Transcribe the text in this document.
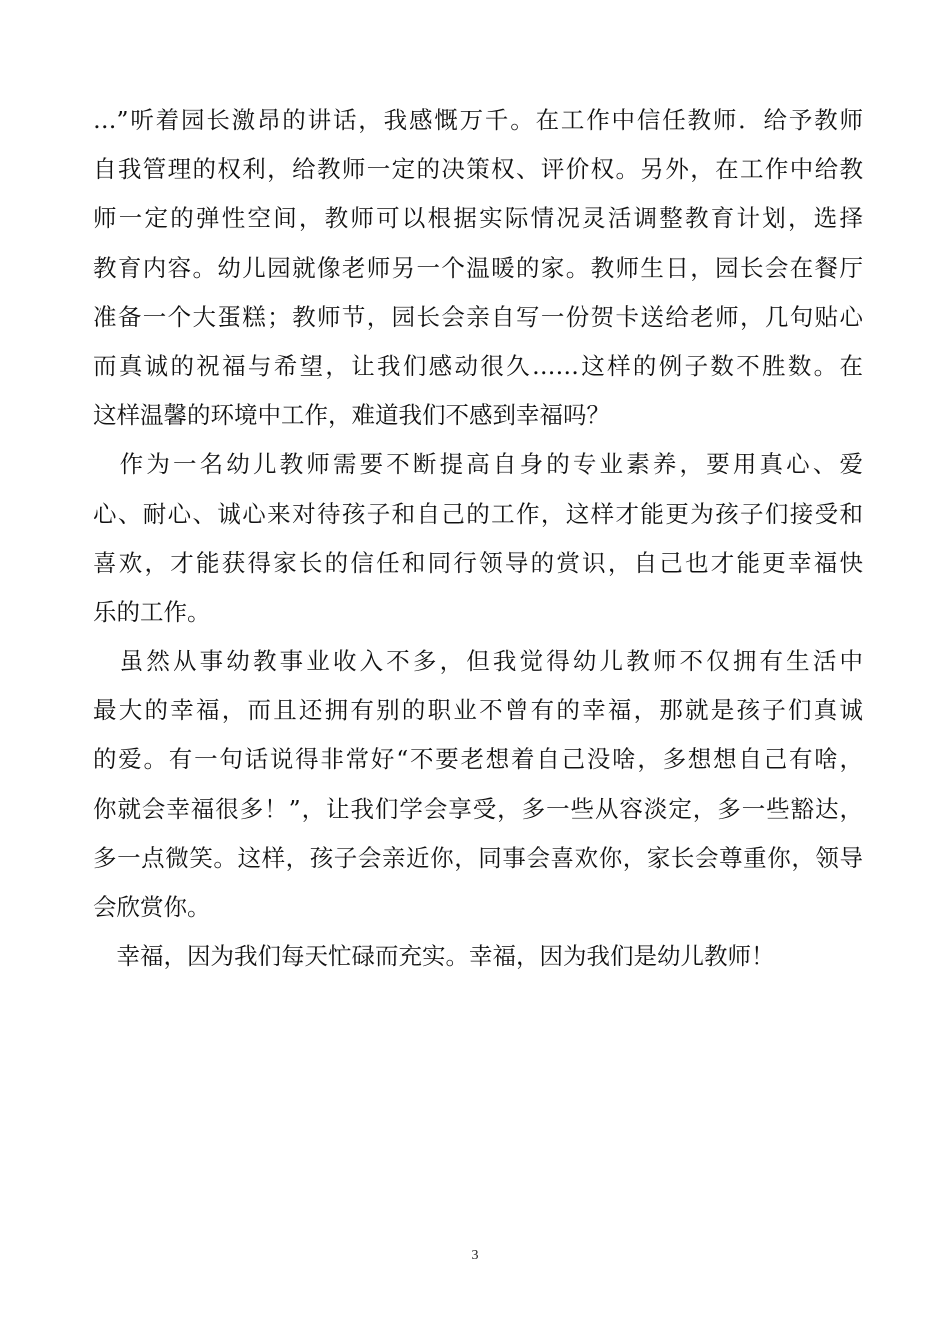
…”听着园长激昂的讲话，我感慨万千。在工作中信任教师．给予教师
自我管理的权利，给教师一定的决策权、评价权。另外，在工作中给教
师一定的弹性空间，教师可以根据实际情况灵活调整教育计划，选择
教育内容。幼儿园就像老师另一个温暖的家。教师生日，园长会在餐厅
准备一个大蛋糕；教师节，园长会亲自写一份贺卡送给老师，几句贴心
而真诚的祝福与希望，让我们感动很久……这样的例子数不胜数。在
这样温馨的环境中工作，难道我们不感到幸福吗？
　作为一名幼儿教师需要不断提高自身的专业素养，要用真心、爱
心、耐心、诚心来对待孩子和自己的工作，这样才能更为孩子们接受和
喜欢，才能获得家长的信任和同行领导的赏识，自己也才能更幸福快
乐的工作。
　虽然从事幼教事业收入不多，但我觉得幼儿教师不仅拥有生活中
最大的幸福，而且还拥有别的职业不曾有的幸福，那就是孩子们真诚
的爱。有一句话说得非常好“不要老想着自己没啥，多想想自己有啥，
你就会幸福很多！”，让我们学会享受，多一些从容淡定，多一些豁达，
多一点微笑。这样，孩子会亲近你，同事会喜欢你，家长会尊重你，领导
会欣赏你。
　幸福，因为我们每天忙碌而充实。幸福，因为我们是幼儿教师！
3
